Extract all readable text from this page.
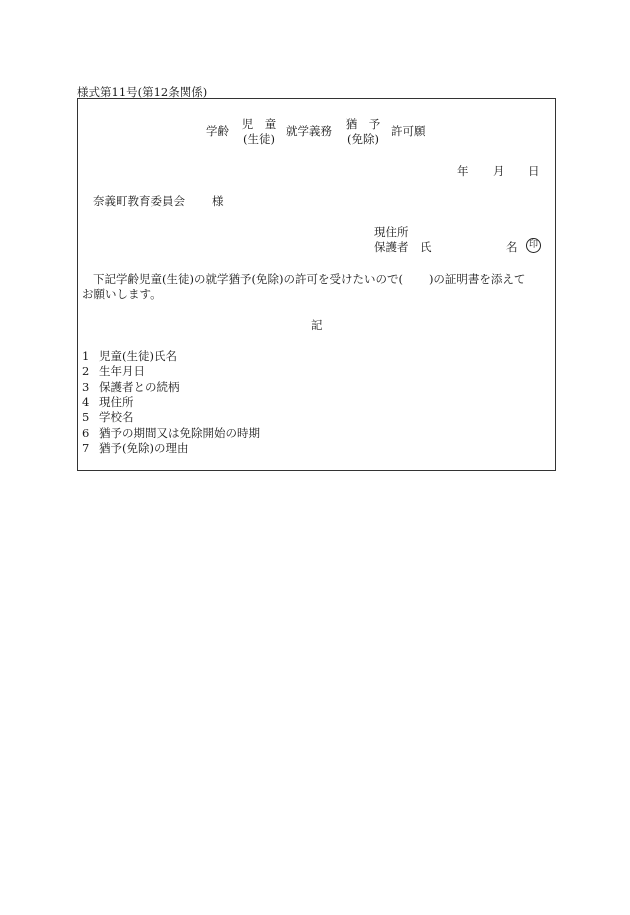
様式第11号(第12条関係)
学齢 児　童
(生徒)
就学義務 猶　予
(免除)
許可願
年 月 日
奈義町教育委員会 様
現住所
保護者　氏	名	印
下記学齢児童(生徒)の就学猶予(免除)の許可を受けたいので( )の証明書を添えて
お願いします。
記
1 児童(生徒)氏名
2 生年月日
3 保護者との続柄
4 現住所
5 学校名
6 猶予の期間又は免除開始の時期
7 猶予(免除)の理由
